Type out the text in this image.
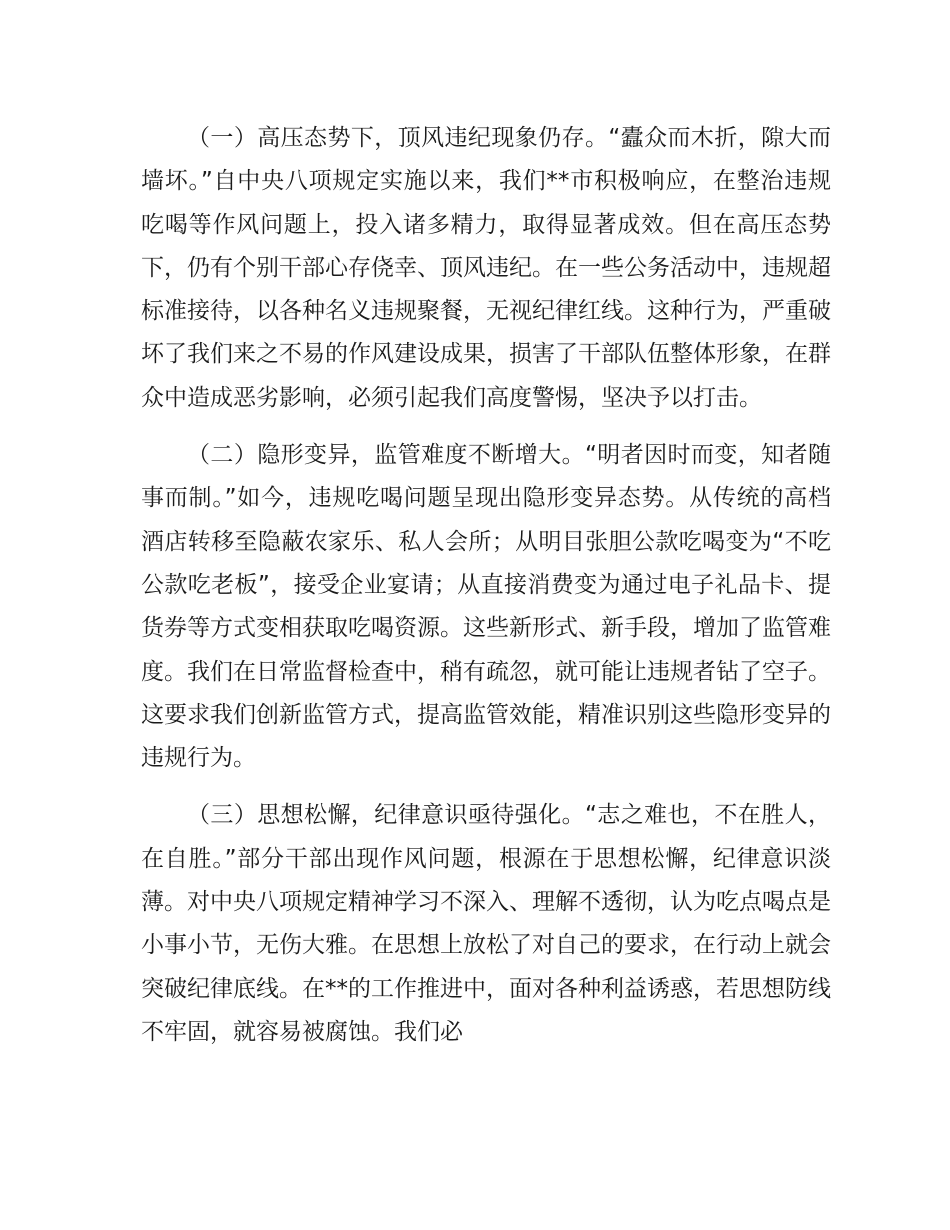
（一）高压态势下，顶风违纪现象仍存。“蠹众而木折，隙大而墙坏。”自中央八项规定实施以来，我们**市积极响应，在整治违规吃喝等作风问题上，投入诸多精力，取得显著成效。但在高压态势下，仍有个别干部心存侥幸、顶风违纪。在一些公务活动中，违规超标准接待，以各种名义违规聚餐，无视纪律红线。这种行为，严重破坏了我们来之不易的作风建设成果，损害了干部队伍整体形象，在群众中造成恶劣影响，必须引起我们高度警惕，坚决予以打击。

（二）隐形变异，监管难度不断增大。“明者因时而变，知者随事而制。”如今，违规吃喝问题呈现出隐形变异态势。从传统的高档酒店转移至隐蔽农家乐、私人会所；从明目张胆公款吃喝变为“不吃公款吃老板”，接受企业宴请；从直接消费变为通过电子礼品卡、提货券等方式变相获取吃喝资源。这些新形式、新手段，增加了监管难度。我们在日常监督检查中，稍有疏忽，就可能让违规者钻了空子。这要求我们创新监管方式，提高监管效能，精准识别这些隐形变异的违规行为。

（三）思想松懈，纪律意识亟待强化。“志之难也，不在胜人，在自胜。”部分干部出现作风问题，根源在于思想松懈，纪律意识淡薄。对中央八项规定精神学习不深入、理解不透彻，认为吃点喝点是小事小节，无伤大雅。在思想上放松了对自己的要求，在行动上就会突破纪律底线。在**的工作推进中，面对各种利益诱惑，若思想防线不牢固，就容易被腐蚀。我们必
